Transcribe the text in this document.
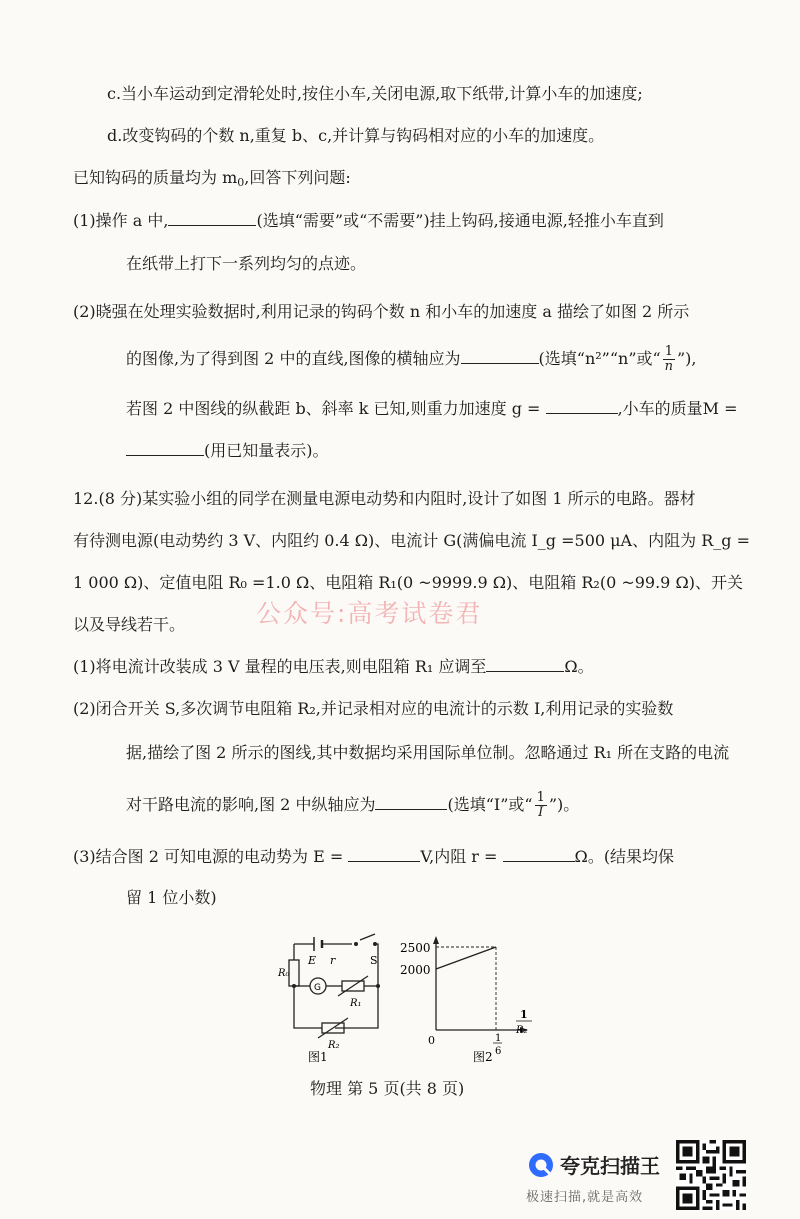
c.当小车运动到定滑轮处时,按住小车,关闭电源,取下纸带,计算小车的加速度;
d.改变钩码的个数 n,重复 b、c,并计算与钩码相对应的小车的加速度。
已知钩码的质量均为 $m_0$,回答下列问题:
(1)操作 a 中,	(选填“需要”或“不需要”)挂上钩码,接通电源,轻推小车直到
在纸带上打下一系列均匀的点迹。
(2)晓强在处理实验数据时,利用记录的钩码个数 n 和小车的加速度 a 描绘了如图 2 所示
的图像,为了得到图 2 中的直线,图像的横轴应为	(选填“n²”“n”或“ $\frac{1}{n}$ ”),
若图 2 中图线的纵截距 b、斜率 k 已知,则重力加速度 g =	,小车的质量M =
(用已知量表示)。
12.(8 分)某实验小组的同学在测量电源电动势和内阻时,设计了如图 1 所示的电路。器材
有待测电源(电动势约 3 V、内阻约 0.4 Ω)、电流计 G(满偏电流 I_g =500 μA、内阻为 R_g =
1 000 Ω)、定值电阻 R₀ =1.0 Ω、电阻箱 R₁(0 ~9999.9 Ω)、电阻箱 R₂(0 ~99.9 Ω)、开关
以及导线若干。	公众号:高考试卷君
(1)将电流计改装成 3 V 量程的电压表,则电阻箱 R₁ 应调至	Ω。
(2)闭合开关 S,多次调节电阻箱 R₂,并记录相对应的电流计的示数 I,利用记录的实验数
据,描绘了图 2 所示的图线,其中数据均采用国际单位制。忽略通过 R₁ 所在支路的电流
对干路电流的影响,图 2 中纵轴应为	(选填“I”或“ $\frac{1}{I}$ ”)。
(3)结合图 2 可知电源的电动势为 E =	V,内阻 r =	Ω。(结果均保
留 1 位小数)
E r	S
R₀
G
R₁
R₂
图1
2500
2000
0	1
6
1
R₂
图2
物理 第 5 页(共 8 页)
夸克扫描王
极速扫描,就是高效
